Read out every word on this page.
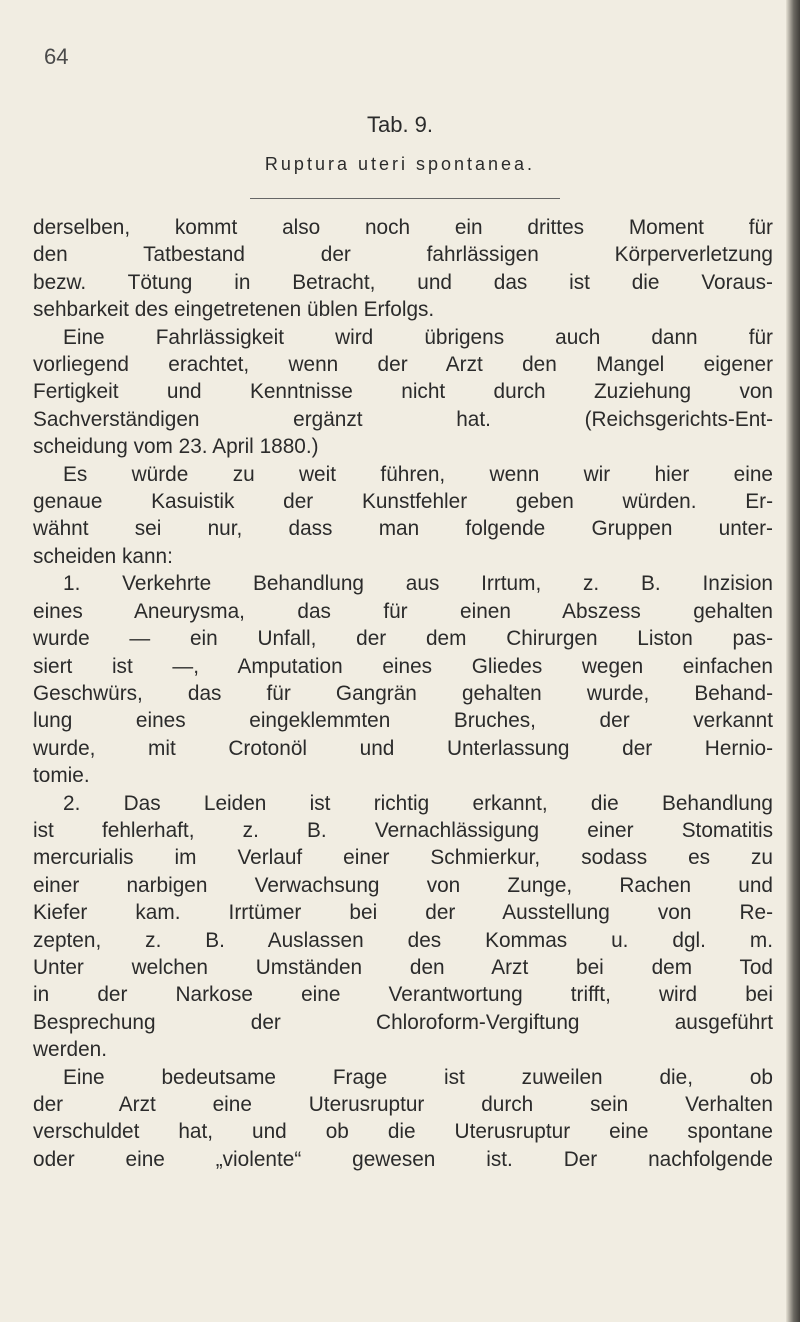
64
Tab. 9.
Ruptura uteri spontanea.
derselben, kommt also noch ein drittes Moment für
den Tatbestand der fahrlässigen Körperverletzung
bezw. Tötung in Betracht, und das ist die Voraus-
sehbarkeit des eingetretenen üblen Erfolgs.
Eine Fahrlässigkeit wird übrigens auch dann für
vorliegend erachtet, wenn der Arzt den Mangel eigener
Fertigkeit und Kenntnisse nicht durch Zuziehung von
Sachverständigen ergänzt hat. (Reichsgerichts-Ent-
scheidung vom 23. April 1880.)
Es würde zu weit führen, wenn wir hier eine
genaue Kasuistik der Kunstfehler geben würden. Er-
wähnt sei nur, dass man folgende Gruppen unter-
scheiden kann:
1. Verkehrte Behandlung aus Irrtum, z. B. Inzision
eines Aneurysma, das für einen Abszess gehalten
wurde — ein Unfall, der dem Chirurgen Liston pas-
siert ist —, Amputation eines Gliedes wegen einfachen
Geschwürs, das für Gangrän gehalten wurde, Behand-
lung eines eingeklemmten Bruches, der verkannt
wurde, mit Crotonöl und Unterlassung der Hernio-
tomie.
2. Das Leiden ist richtig erkannt, die Behandlung
ist fehlerhaft, z. B. Vernachlässigung einer Stomatitis
mercurialis im Verlauf einer Schmierkur, sodass es zu
einer narbigen Verwachsung von Zunge, Rachen und
Kiefer kam. Irrtümer bei der Ausstellung von Re-
zepten, z. B. Auslassen des Kommas u. dgl. m.
Unter welchen Umständen den Arzt bei dem Tod
in der Narkose eine Verantwortung trifft, wird bei
Besprechung der Chloroform-Vergiftung ausgeführt
werden.
Eine bedeutsame Frage ist zuweilen die, ob
der Arzt eine Uterusruptur durch sein Verhalten
verschuldet hat, und ob die Uterusruptur eine spontane
oder eine „violente“ gewesen ist. Der nachfolgende
